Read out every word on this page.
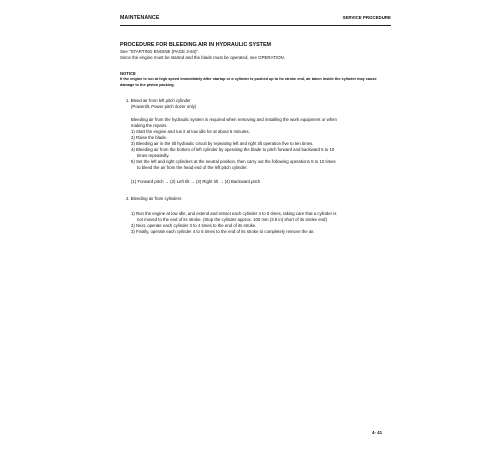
MAINTENANCE	SERVICE PROCEDURE
PROCEDURE FOR BLEEDING AIR IN HYDRAULIC SYSTEM
See "STARTING ENGINE (PAGE 3-84)".
Since the engine must be started and the blade must be operated, see OPERATION.
NOTICE
If the engine is run at high speed immediately after startup or a cylinder is pushed up to its stroke end, air taken inside the cylinder may cause damage to the piston packing.
1. Bleed air from left pitch cylinder
(Powertilt, Power pitch dozer only)
Bleeding air from the hydraulic system is required when removing and installing the work equipment or when
making the repairs.
1) Start the engine and run it at low idle for at about 5 minutes.
2) Raise the blade.
3) Bleeding air in the tilt hydraulic circuit by repeating left and right tilt operation five to ten times.
4) Bleeding air from the bottom of left cylinder by operating the blade to pitch forward and backward 5 to 10
times repeatedly.
5) Set the left and right cylinders at the neutral position, then carry out the following operations 5 to 10 times
to bleed the air from the head end of the left pitch cylinder.
(1) Forward pitch → (2) Left tilt → (3) Right tilt → (4) Backward pitch
2. Bleeding air from cylinders
1) Run the engine at low idle, and extend and retract each cylinder 4 to 5 times, taking care that a cylinder is
not moved to the end of its stroke. (Stop the cylinder approx. 100 mm (3.9 in) short of its stroke end)
2) Next, operate each cylinder 3 to 4 times to the end of its stroke.
3) Finally, operate each cylinder 4 to 5 times to the end of its stroke to completely remove the air.
4- 41
